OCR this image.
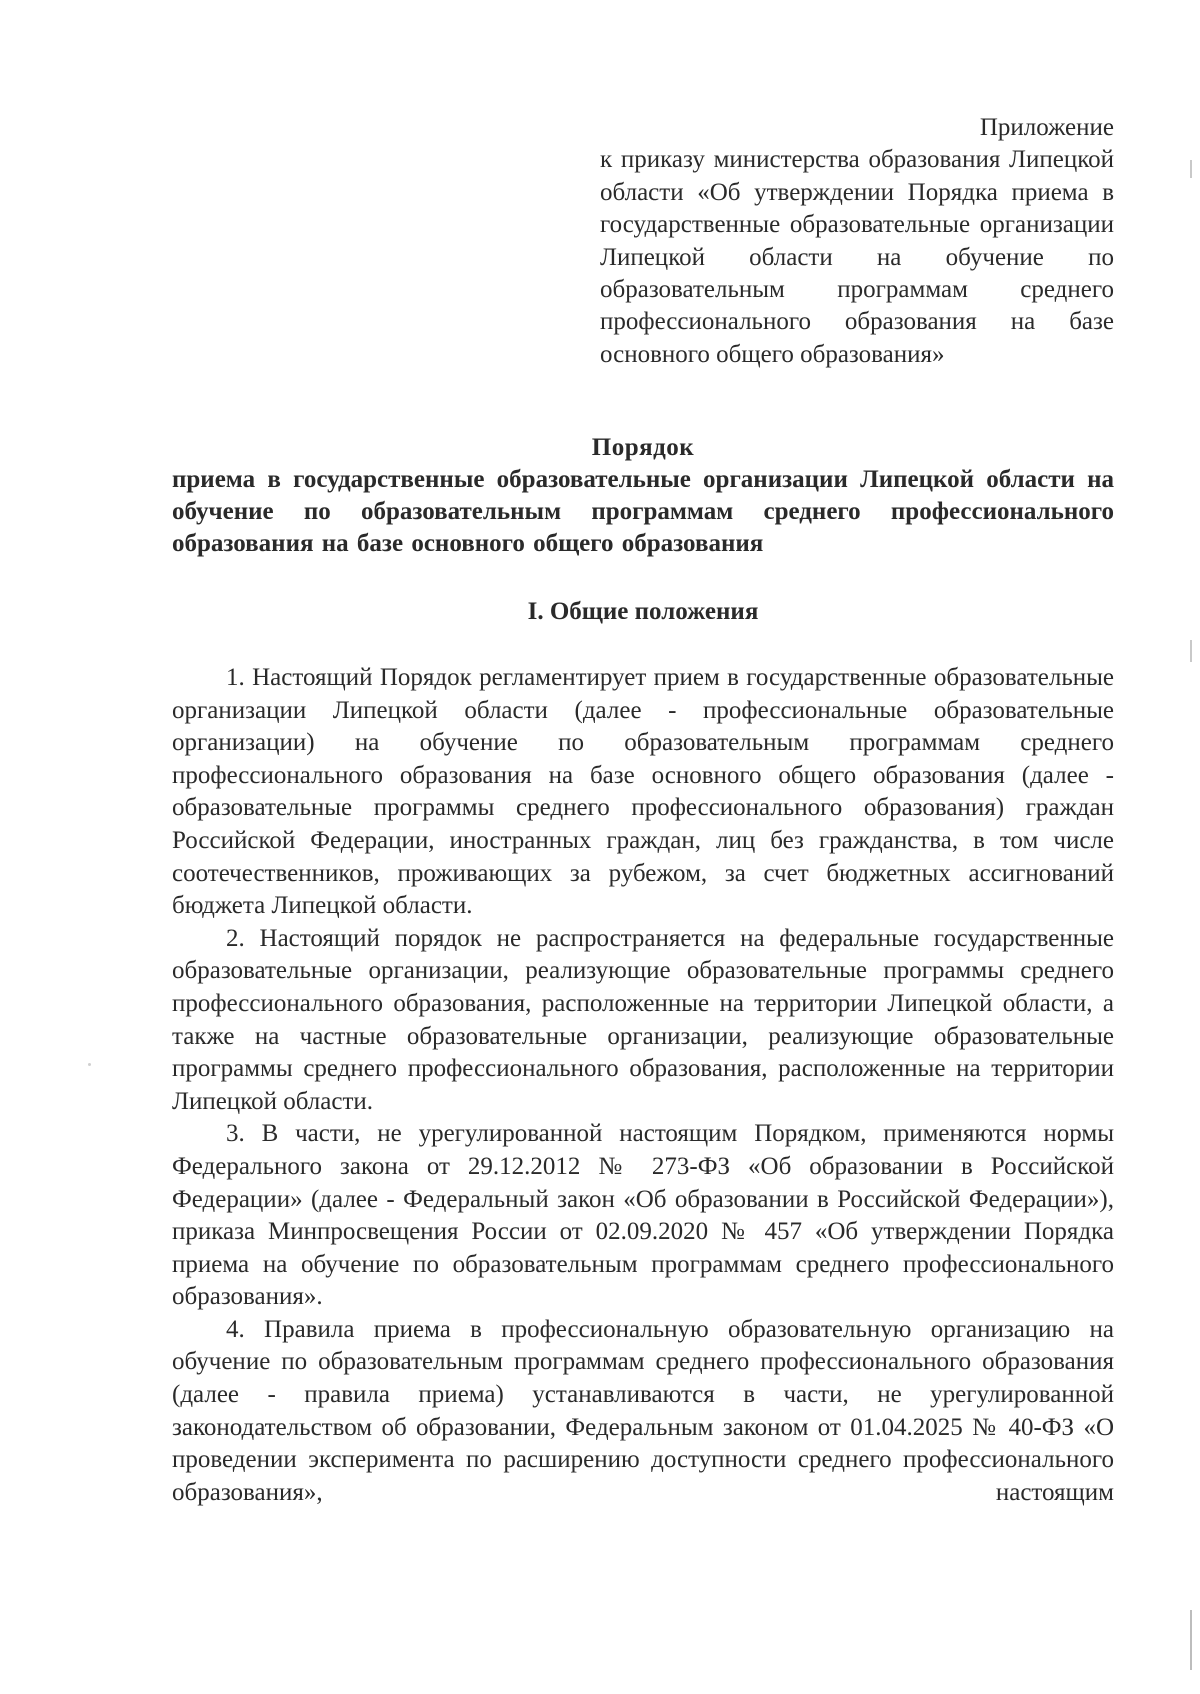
Приложение
к приказу министерства образования Липецкой области «Об утверждении Порядка приема в государственные образовательные организации Липецкой области на обучение по образовательным программам среднего профессионального образования на базе основного общего образования»
Порядок
приема в государственные образовательные организации Липецкой области на обучение по образовательным программам среднего профессионального образования на базе основного общего образования
I. Общие положения

1. Настоящий Порядок регламентирует прием в государственные образовательные организации Липецкой области (далее - профессиональные образовательные организации) на обучение по образовательным программам среднего профессионального образования на базе основного общего образования (далее - образовательные программы среднего профессионального образования) граждан Российской Федерации, иностранных граждан, лиц без гражданства, в том числе соотечественников, проживающих за рубежом, за счет бюджетных ассигнований бюджета Липецкой области.

2. Настоящий порядок не распространяется на федеральные государственные образовательные организации, реализующие образовательные программы среднего профессионального образования, расположенные на территории Липецкой области, а также на частные образовательные организации, реализующие образовательные программы среднего профессионального образования, расположенные на территории Липецкой области.

3. В части, не урегулированной настоящим Порядком, применяются нормы Федерального закона от 29.12.2012 № 273-ФЗ «Об образовании в Российской Федерации» (далее - Федеральный закон «Об образовании в Российской Федерации»), приказа Минпросвещения России от 02.09.2020 № 457 «Об утверждении Порядка приема на обучение по образовательным программам среднего профессионального образования».

4. Правила приема в профессиональную образовательную организацию на обучение по образовательным программам среднего профессионального образования (далее - правила приема) устанавливаются в части, не урегулированной законодательством об образовании, Федеральным законом от 01.04.2025 № 40-ФЗ «О проведении эксперимента по расширению доступности среднего профессионального образования», настоящим
